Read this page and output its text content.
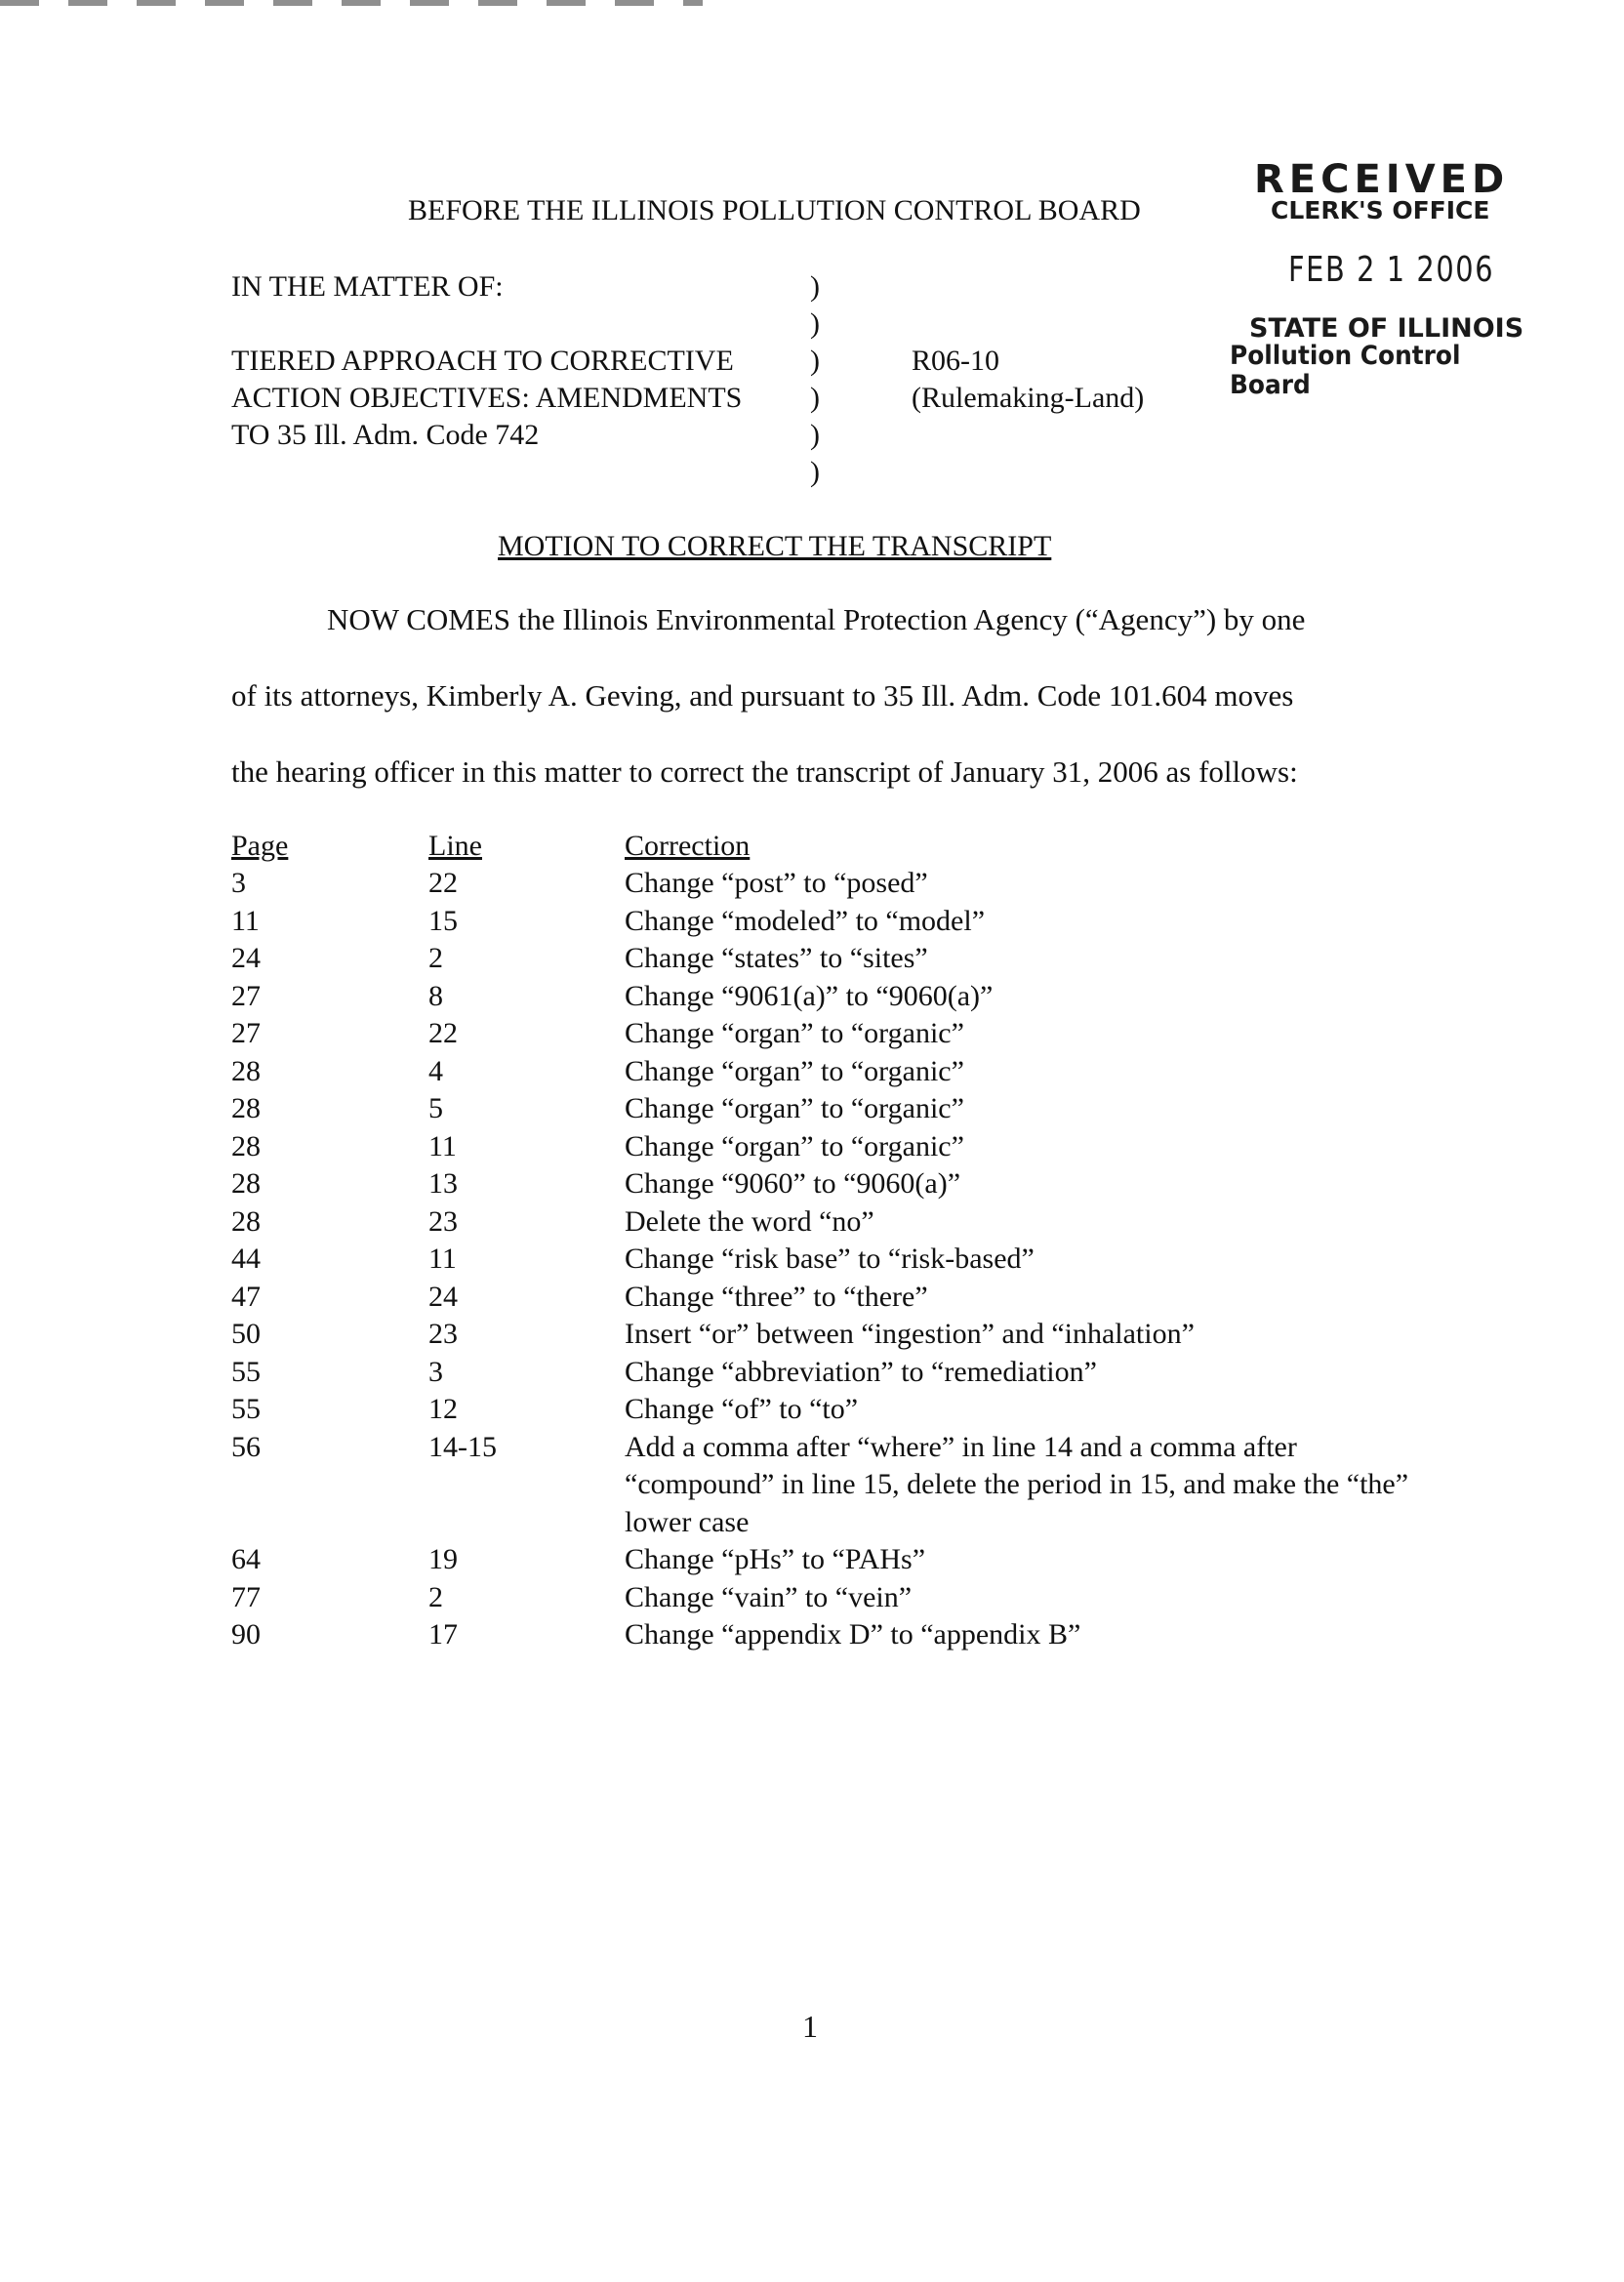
BEFORE THE ILLINOIS POLLUTION CONTROL BOARD
RECEIVED
CLERK'S OFFICE
FEB 2 1 2006
STATE OF ILLINOIS
Pollution Control Board
IN THE MATTER OF:
TIERED APPROACH TO CORRECTIVE
ACTION OBJECTIVES: AMENDMENTS
TO 35 Ill. Adm. Code 742
)
)
)
)
)
)
R06-10
(Rulemaking-Land)
MOTION TO CORRECT THE TRANSCRIPT
NOW COMES the Illinois Environmental Protection Agency (“Agency”) by one
of its attorneys, Kimberly A. Geving, and pursuant to 35 Ill. Adm. Code 101.604 moves
the hearing officer in this matter to correct the transcript of January 31, 2006 as follows:
Page	Line	Correction
3	22	Change “post” to “posed”
11	15	Change “modeled” to “model”
24	2	Change “states” to “sites”
27	8	Change “9061(a)” to “9060(a)”
27	22	Change “organ” to “organic”
28	4	Change “organ” to “organic”
28	5	Change “organ” to “organic”
28	11	Change “organ” to “organic”
28	13	Change “9060” to “9060(a)”
28	23	Delete the word “no”
44	11	Change “risk base” to “risk-based”
47	24	Change “three” to “there”
50	23	Insert “or” between “ingestion” and “inhalation”
55	3	Change “abbreviation” to “remediation”
55	12	Change “of” to “to”
56	14-15	Add a comma after “where” in line 14 and a comma after “compound” in line 15, delete the period in 15, and make the “the” lower case
64	19	Change “pHs” to “PAHs”
77	2	Change “vain” to “vein”
90	17	Change “appendix D” to “appendix B”
1
